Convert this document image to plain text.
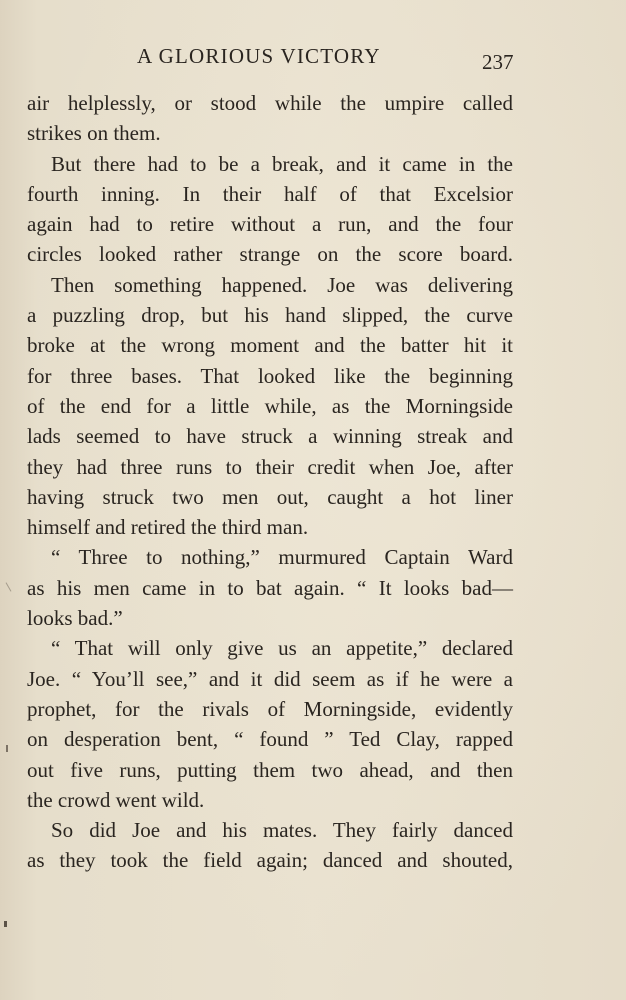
A GLORIOUS VICTORY	237
air helplessly, or stood while the umpire called
strikes on them.
But there had to be a break, and it came in the
fourth inning. In their half of that Excelsior
again had to retire without a run, and the four
circles looked rather strange on the score board.
Then something happened. Joe was delivering
a puzzling drop, but his hand slipped, the curve
broke at the wrong moment and the batter hit it
for three bases. That looked like the beginning
of the end for a little while, as the Morningside
lads seemed to have struck a winning streak and
they had three runs to their credit when Joe, after
having struck two men out, caught a hot liner
himself and retired the third man.
“ Three to nothing,” murmured Captain Ward
as his men came in to bat again. “ It looks bad—
looks bad.”
“ That will only give us an appetite,” declared
Joe. “ You’ll see,” and it did seem as if he were a
prophet, for the rivals of Morningside, evidently
on desperation bent, “ found ” Ted Clay, rapped
out five runs, putting them two ahead, and then
the crowd went wild.
So did Joe and his mates. They fairly danced
as they took the field again; danced and shouted,
